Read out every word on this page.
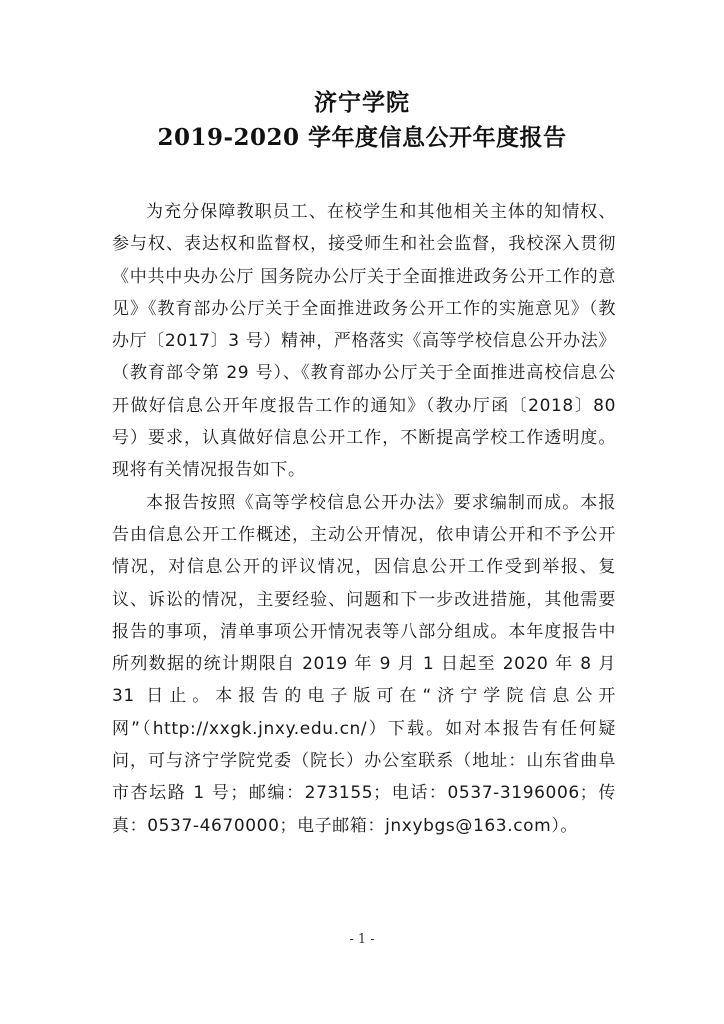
济宁学院
2019-2020 学年度信息公开年度报告

为充分保障教职员工、在校学生和其他相关主体的知情权、参与权、表达权和监督权，接受师生和社会监督，我校深入贯彻《中共中央办公厅 国务院办公厅关于全面推进政务公开工作的意见》《教育部办公厅关于全面推进政务公开工作的实施意见》（教办厅〔2017〕3 号）精神，严格落实《高等学校信息公开办法》（教育部令第 29 号）、《教育部办公厅关于全面推进高校信息公开做好信息公开年度报告工作的通知》（教办厅函〔2018〕80 号）要求，认真做好信息公开工作，不断提高学校工作透明度。现将有关情况报告如下。

本报告按照《高等学校信息公开办法》要求编制而成。本报告由信息公开工作概述，主动公开情况，依申请公开和不予公开情况，对信息公开的评议情况，因信息公开工作受到举报、复议、诉讼的情况，主要经验、问题和下一步改进措施，其他需要报告的事项，清单事项公开情况表等八部分组成。本年度报告中所列数据的统计期限自 2019 年 9 月 1 日起至 2020 年 8 月 31 日止。本报告的电子版可在“济宁学院信息公开网”（http://xxgk.jnxy.edu.cn/）下载。如对本报告有任何疑问，可与济宁学院党委（院长）办公室联系（地址：山东省曲阜市杏坛路 1 号；邮编：273155；电话：0537-3196006；传真：0537-4670000；电子邮箱：jnxybgs@163.com）。

- 1 -
